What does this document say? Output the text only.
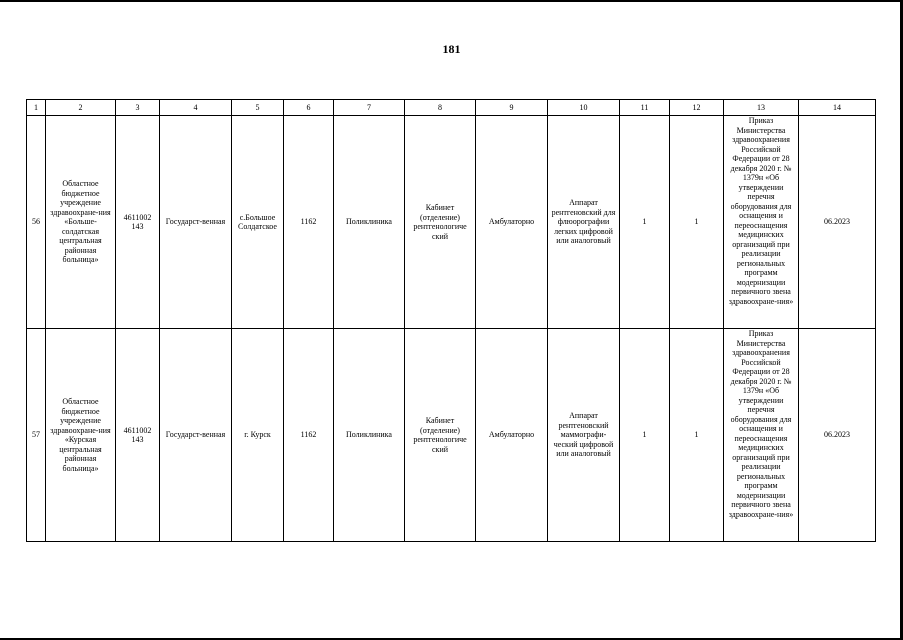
181
1	2	3	4	5	6	7	8	9	10	11	12	13	14
56	Областное бюджетное учреждение здравоохране-ния «Больше-солдатская центральная районная больница»	4611002 143	Государст-венная	с.Большое Солдатское	1162	Поликлиника	Кабинет (отделение) рентгенологиче ский	Амбулаторно	Аппарат рентгеновский для флюорографии легких цифровой или аналоговый	1	1	Приказ Министерства здравоохранения Российской Федерации от 28 декабря 2020 г. № 1379н «Об утверждении перечня оборудования для оснащения и переоснащения медицинских организаций при реализации региональных программ модернизации первичного звена здравоохране-ния»	06.2023
57	Областное бюджетное учреждение здравоохране-ния «Курская центральная районная больница»	4611002 143	Государст-венная	г. Курск	1162	Поликлиника	Кабинет (отделение) рентгенологиче ский	Амбулаторно	Аппарат рентгеновский маммографи-ческий цифровой или аналоговый	1	1	Приказ Министерства здравоохранения Российской Федерации от 28 декабря 2020 г. № 1379н «Об утверждении перечня оборудования для оснащения и переоснащения медицинских организаций при реализации региональных программ модернизации первичного звена здравоохране-ния»	06.2023
